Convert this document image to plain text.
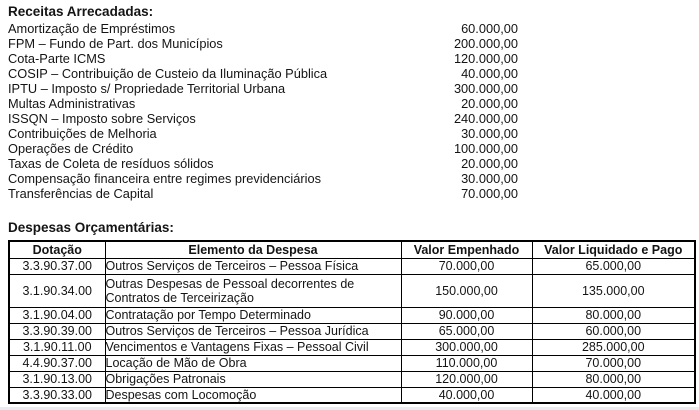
Receitas Arrecadadas:
Amortização de Empréstimos	60.000,00
FPM – Fundo de Part. dos Municípios	200.000,00
Cota-Parte ICMS	120.000,00
COSIP – Contribuição de Custeio da Iluminação Pública	40.000,00
IPTU – Imposto s/ Propriedade Territorial Urbana	300.000,00
Multas Administrativas	20.000,00
ISSQN – Imposto sobre Serviços	240.000,00
Contribuições de Melhoria	30.000,00
Operações de Crédito	100.000,00
Taxas de Coleta de resíduos sólidos	20.000,00
Compensação financeira entre regimes previdenciários	30.000,00
Transferências de Capital	70.000,00
Despesas Orçamentárias:
Dotação	Elemento da Despesa	Valor Empenhado	Valor Liquidado e Pago
3.3.90.37.00	Outros Serviços de Terceiros – Pessoa Física	70.000,00	65.000,00
3.1.90.34.00	Outras Despesas de Pessoal decorrentes de Contratos de Terceirização	150.000,00	135.000,00
3.1.90.04.00	Contratação por Tempo Determinado	90.000,00	80.000,00
3.3.90.39.00	Outros Serviços de Terceiros – Pessoa Jurídica	65.000,00	60.000,00
3.1.90.11.00	Vencimentos e Vantagens Fixas – Pessoal Civil	300.000,00	285.000,00
4.4.90.37.00	Locação de Mão de Obra	110.000,00	70.000,00
3.1.90.13.00	Obrigações Patronais	120.000,00	80.000,00
3.3.90.33.00	Despesas com Locomoção	40.000,00	40.000,00
